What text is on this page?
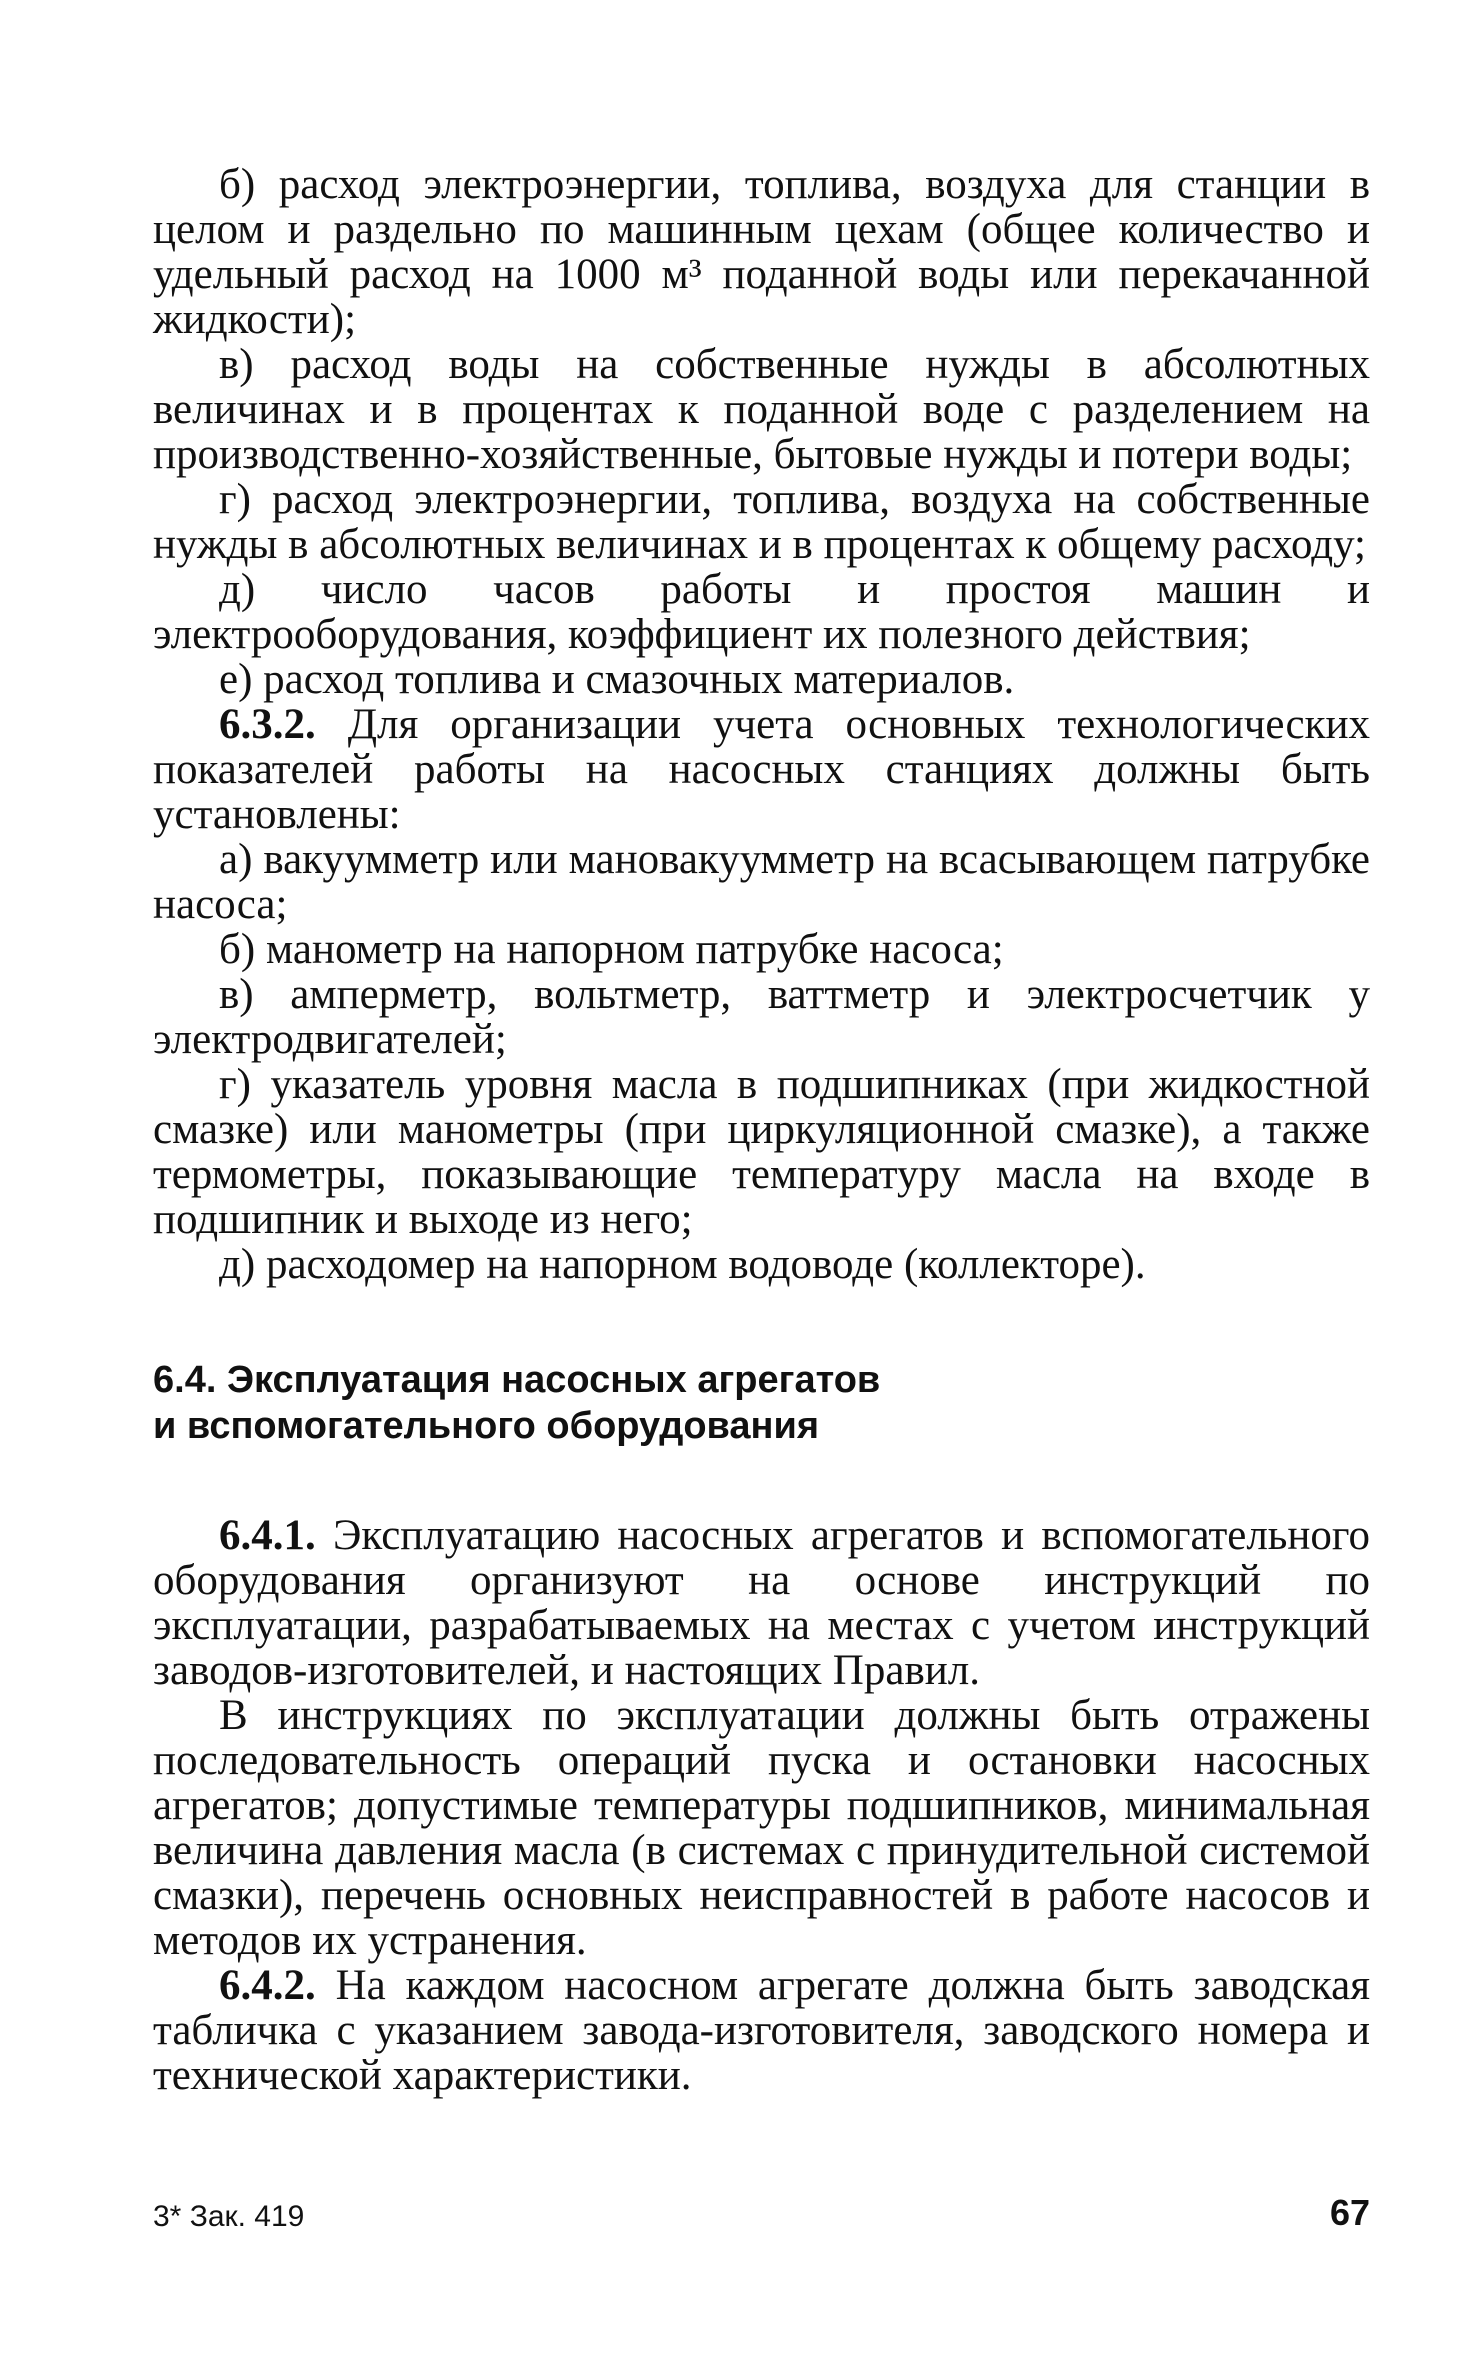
б) расход электроэнергии, топлива, воздуха для станции в целом и раздельно по машинным цехам (общее количество и удельный расход на 1000 м³ поданной воды или перекачанной жидкости);

в) расход воды на собственные нужды в абсолютных величинах и в процентах к поданной воде с разделением на производственно-хозяйственные, бытовые нужды и потери воды;

г) расход электроэнергии, топлива, воздуха на собственные нужды в абсолютных величинах и в процентах к общему расходу;

д) число часов работы и простоя машин и электрооборудования, коэффициент их полезного действия;

е) расход топлива и смазочных материалов.

6.3.2. Для организации учета основных технологических показателей работы на насосных станциях должны быть установлены:

а) вакуумметр или мановакуумметр на всасывающем патрубке насоса;

б) манометр на напорном патрубке насоса;

в) амперметр, вольтметр, ваттметр и электросчетчик у электродвигателей;

г) указатель уровня масла в подшипниках (при жидкостной смазке) или манометры (при циркуляционной смазке), а также термометры, показывающие температуру масла на входе в подшипник и выходе из него;

д) расходомер на напорном водоводе (коллекторе).

6.4. Эксплуатация насосных агрегатов
и вспомогательного оборудования

6.4.1. Эксплуатацию насосных агрегатов и вспомогательного оборудования организуют на основе инструкций по эксплуатации, разрабатываемых на местах с учетом инструкций заводов-изготовителей, и настоящих Правил.

В инструкциях по эксплуатации должны быть отражены последовательность операций пуска и остановки насосных агрегатов; допустимые температуры подшипников, минимальная величина давления масла (в системах с принудительной системой смазки), перечень основных неисправностей в работе насосов и методов их устранения.

6.4.2. На каждом насосном агрегате должна быть заводская табличка с указанием завода-изготовителя, заводского номера и технической характеристики.

3* Зак. 419	67
